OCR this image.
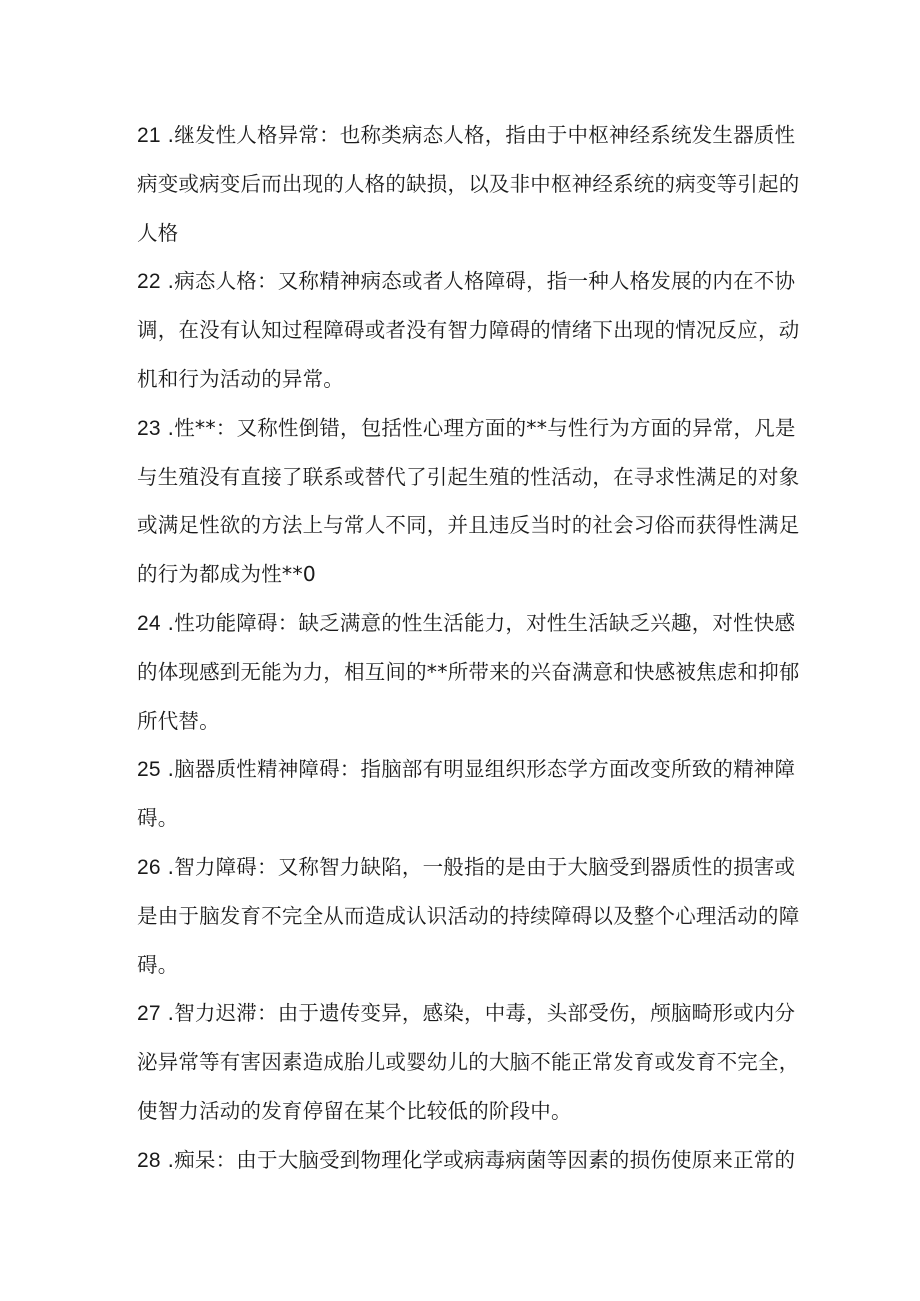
21 .继发性人格异常：也称类病态人格，指由于中枢神经系统发生器质性
病变或病变后而出现的人格的缺损，以及非中枢神经系统的病变等引起的
人格
22 .病态人格：又称精神病态或者人格障碍，指一种人格发展的内在不协
调，在没有认知过程障碍或者没有智力障碍的情绪下出现的情况反应，动
机和行为活动的异常。
23 .性**：又称性倒错，包括性心理方面的**与性行为方面的异常，凡是
与生殖没有直接了联系或替代了引起生殖的性活动，在寻求性满足的对象
或满足性欲的方法上与常人不同，并且违反当时的社会习俗而获得性满足
的行为都成为性**0
24 .性功能障碍：缺乏满意的性生活能力，对性生活缺乏兴趣，对性快感
的体现感到无能为力，相互间的**所带来的兴奋满意和快感被焦虑和抑郁
所代替。
25 .脑器质性精神障碍：指脑部有明显组织形态学方面改变所致的精神障
碍。
26 .智力障碍：又称智力缺陷，一般指的是由于大脑受到器质性的损害或
是由于脑发育不完全从而造成认识活动的持续障碍以及整个心理活动的障
碍。
27 .智力迟滞：由于遗传变异，感染，中毒，头部受伤，颅脑畸形或内分
泌异常等有害因素造成胎儿或婴幼儿的大脑不能正常发育或发育不完全，
使智力活动的发育停留在某个比较低的阶段中。
28 .痴呆：由于大脑受到物理化学或病毒病菌等因素的损伤使原来正常的
